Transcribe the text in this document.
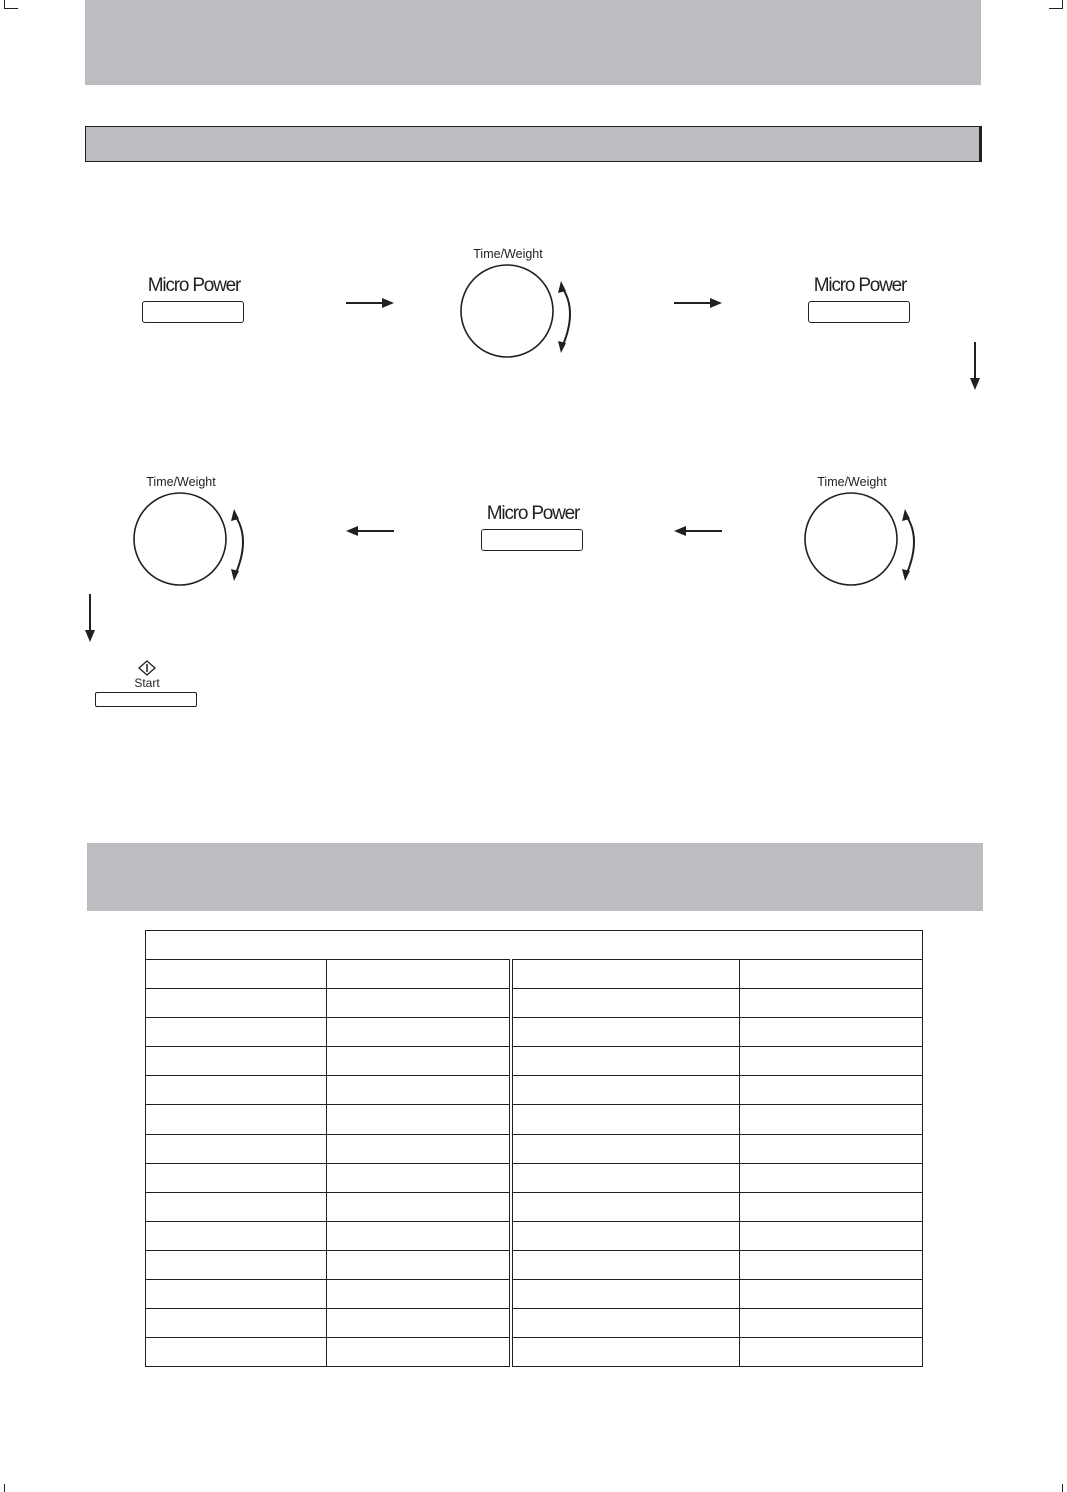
Micro Power
Time/Weight
Micro Power
Time/Weight
Micro Power
Time/Weight
Start
